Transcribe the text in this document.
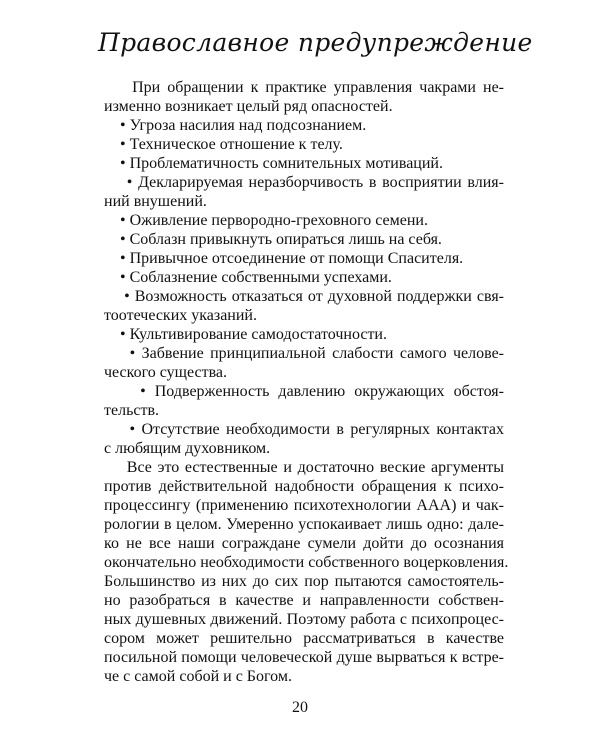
Православное предупреждение
При обращении к практике управления чакрами не-
изменно возникает целый ряд опасностей.
• Угроза насилия над подсознанием.
• Техническое отношение к телу.
• Проблематичность сомнительных мотиваций.
• Декларируемая неразборчивость в восприятии влия-
ний внушений.
• Оживление первородно-греховного семени.
• Соблазн привыкнуть опираться лишь на себя.
• Привычное отсоединение от помощи Спасителя.
• Соблазнение собственными успехами.
• Возможность отказаться от духовной поддержки свя-
тоотеческих указаний.
• Культивирование самодостаточности.
• Забвение принципиальной слабости самого челове-
ческого существа.
• Подверженность давлению окружающих обстоя-
тельств.
• Отсутствие необходимости в регулярных контактах
с любящим духовником.
Все это естественные и достаточно веские аргументы
против действительной надобности обращения к психо-
процессингу (применению психотехнологии ААА) и чак-
рологии в целом. Умеренно успокаивает лишь одно: дале-
ко не все наши сограждане сумели дойти до осознания
окончательно необходимости собственного воцерковления.
Большинство из них до сих пор пытаются самостоятель-
но разобраться в качестве и направленности собствен-
ных душевных движений. Поэтому работа с психопроцес-
сором может решительно рассматриваться в качестве
посильной помощи человеческой душе вырваться к встре-
че с самой собой и с Богом.
20
